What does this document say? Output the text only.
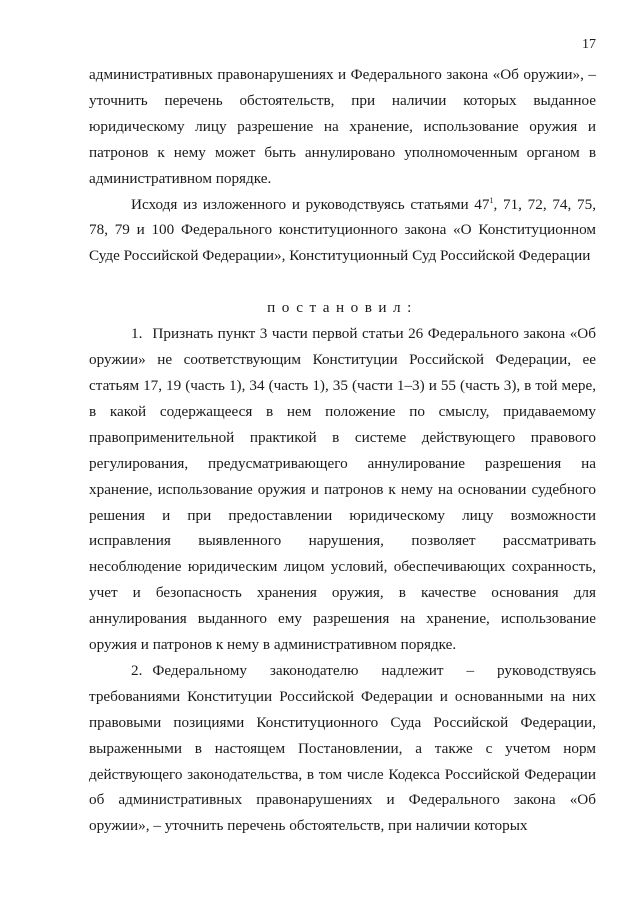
17

административных правонарушениях и Федерального закона «Об оружии», – уточнить перечень обстоятельств, при наличии которых выданное юридическому лицу разрешение на хранение, использование оружия и патронов к нему может быть аннулировано уполномоченным органом в административном порядке.

Исходя из изложенного и руководствуясь статьями $47^1$, 71, 72, 74, 75, 78, 79 и 100 Федерального конституционного закона «О Конституционном Суде Российской Федерации», Конституционный Суд Российской Федерации

постановил:

1. Признать пункт 3 части первой статьи 26 Федерального закона «Об оружии» не соответствующим Конституции Российской Федерации, ее статьям 17, 19 (часть 1), 34 (часть 1), 35 (части 1–3) и 55 (часть 3), в той мере, в какой содержащееся в нем положение по смыслу, придаваемому правоприменительной практикой в системе действующего правового регулирования, предусматривающего аннулирование разрешения на хранение, использование оружия и патронов к нему на основании судебного решения и при предоставлении юридическому лицу возможности исправления выявленного нарушения, позволяет рассматривать несоблюдение юридическим лицом условий, обеспечивающих сохранность, учет и безопасность хранения оружия, в качестве основания для аннулирования выданного ему разрешения на хранение, использование оружия и патронов к нему в административном порядке.

2. Федеральному законодателю надлежит – руководствуясь требованиями Конституции Российской Федерации и основанными на них правовыми позициями Конституционного Суда Российской Федерации, выраженными в настоящем Постановлении, а также с учетом норм действующего законодательства, в том числе Кодекса Российской Федерации об административных правонарушениях и Федерального закона «Об оружии», – уточнить перечень обстоятельств, при наличии которых
